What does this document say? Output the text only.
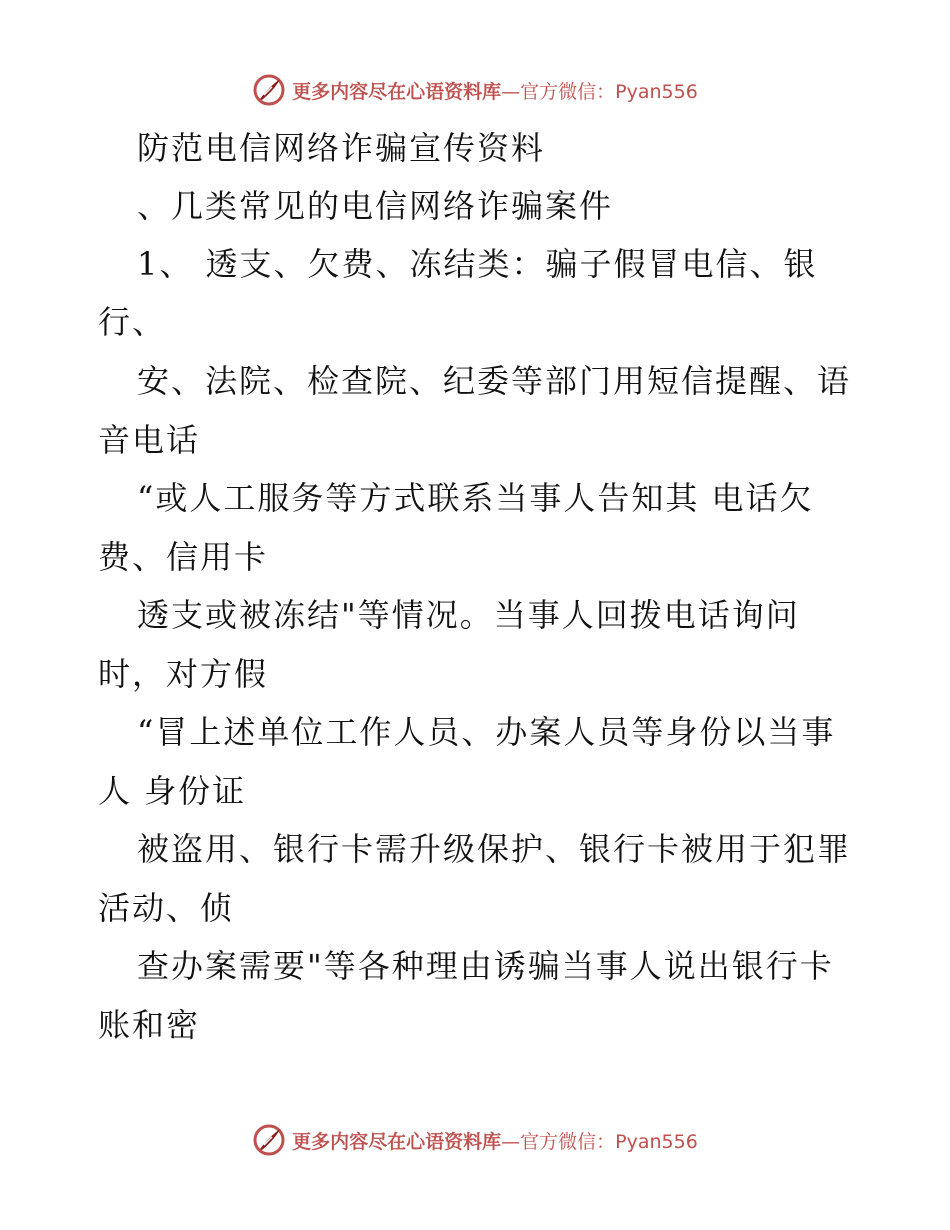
更多内容尽在心语资料库—官方微信：Pyan556
防范电信网络诈骗宣传资料
、几类常见的电信网络诈骗案件
1、 透支、欠费、冻结类：骗子假冒电信、银
行、
安、法院、检查院、纪委等部门用短信提醒、语
音电话
“或人工服务等方式联系当事人告知其 电话欠
费、信用卡
透支或被冻结"等情况。当事人回拨电话询问
时，对方假
“冒上述单位工作人员、办案人员等身份以当事
人 身份证
被盗用、银行卡需升级保护、银行卡被用于犯罪
活动、侦
查办案需要"等各种理由诱骗当事人说出银行卡
账和密
更多内容尽在心语资料库—官方微信：Pyan556
